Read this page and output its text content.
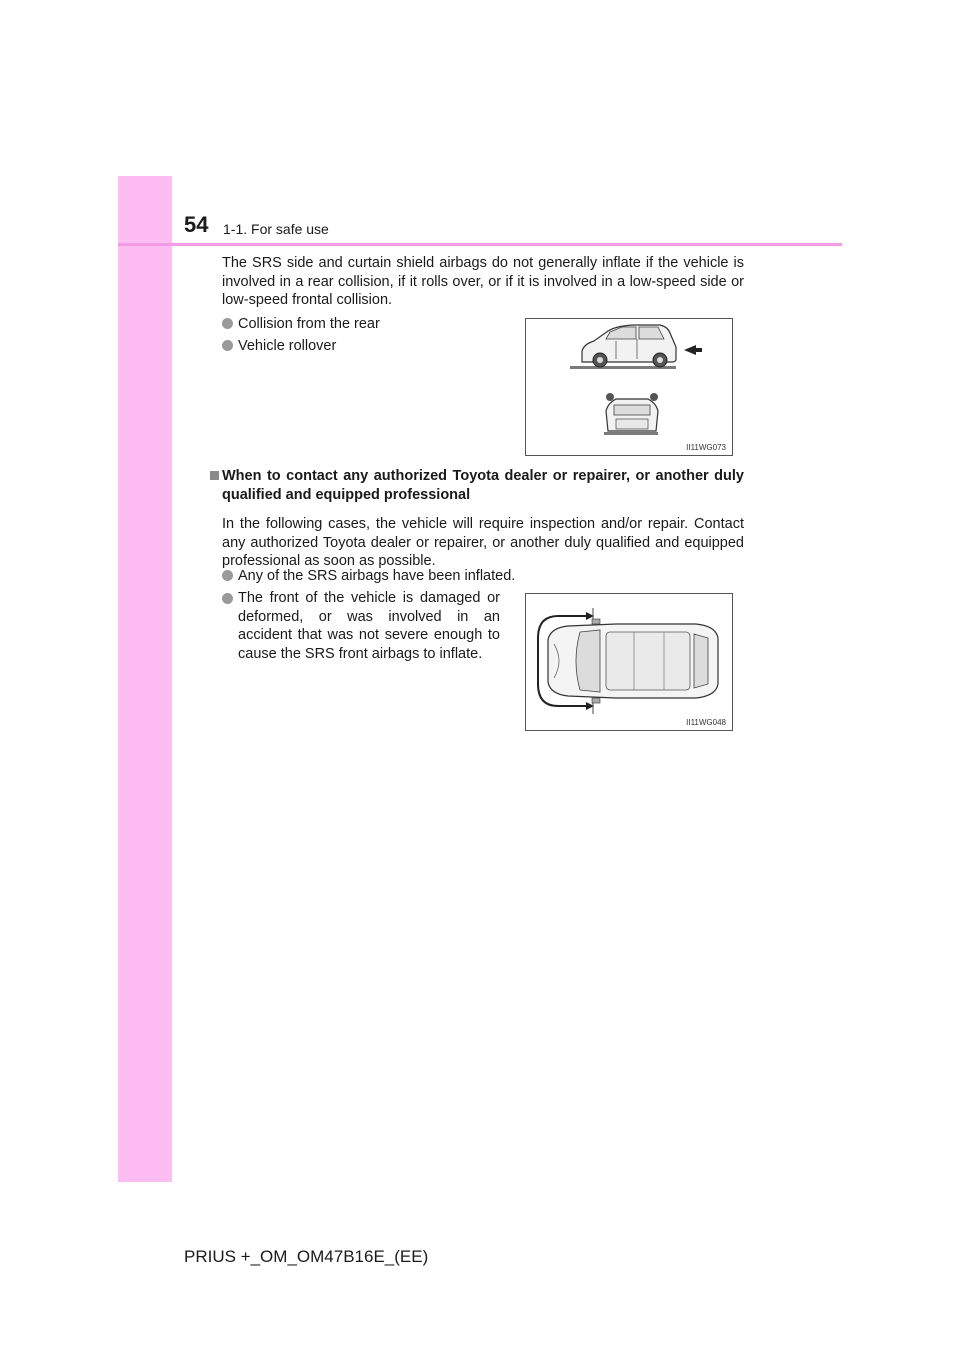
54 1-1. For safe use

The SRS side and curtain shield airbags do not generally inflate if the vehicle is involved in a rear collision, if it rolls over, or if it is involved in a low-speed side or low-speed frontal collision.

Collision from the rear

Vehicle rollover

II11WG073
When to contact any authorized Toyota dealer or repairer, or another duly qualified and equipped professional

In the following cases, the vehicle will require inspection and/or repair. Contact any authorized Toyota dealer or repairer, or another duly qualified and equipped professional as soon as possible.

Any of the SRS airbags have been inflated.

The front of the vehicle is damaged or deformed, or was involved in an accident that was not severe enough to cause the SRS front airbags to inflate.
II11WG048
PRIUS +_OM_OM47B16E_(EE)
